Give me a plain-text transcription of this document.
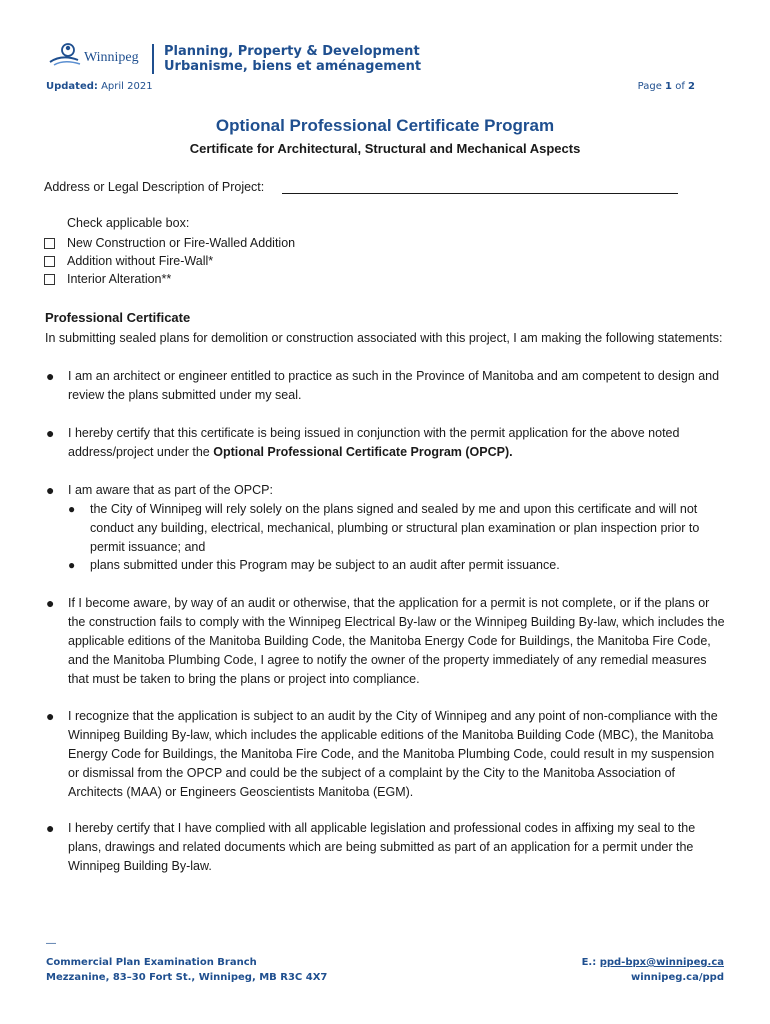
Winnipeg Planning, Property & Development
Urbanisme, biens et aménagement
Updated: April 2021	Page 1 of 2
Optional Professional Certificate Program
Certificate for Architectural, Structural and Mechanical Aspects
Address or Legal Description of Project:
Check applicable box:
New Construction or Fire-Walled Addition
Addition without Fire-Wall*
Interior Alteration**
Professional Certificate
In submitting sealed plans for demolition or construction associated with this project, I am making the following statements:
● I am an architect or engineer entitled to practice as such in the Province of Manitoba and am competent to design and review the plans submitted under my seal.
● I hereby certify that this certificate is being issued in conjunction with the permit application for the above noted address/project under the Optional Professional Certificate Program (OPCP).
● I am aware that as part of the OPCP:
● the City of Winnipeg will rely solely on the plans signed and sealed by me and upon this certificate and will not conduct any building, electrical, mechanical, plumbing or structural plan examination or plan inspection prior to permit issuance; and
● plans submitted under this Program may be subject to an audit after permit issuance.
● If I become aware, by way of an audit or otherwise, that the application for a permit is not complete, or if the plans or the construction fails to comply with the Winnipeg Electrical By-law or the Winnipeg Building By-law, which includes the applicable editions of the Manitoba Building Code, the Manitoba Energy Code for Buildings, the Manitoba Fire Code, and the Manitoba Plumbing Code, I agree to notify the owner of the property immediately of any remedial measures that must be taken to bring the plans or project into compliance.
● I recognize that the application is subject to an audit by the City of Winnipeg and any point of non-compliance with the Winnipeg Building By-law, which includes the applicable editions of the Manitoba Building Code (MBC), the Manitoba Energy Code for Buildings, the Manitoba Fire Code, and the Manitoba Plumbing Code, could result in my suspension or dismissal from the OPCP and could be the subject of a complaint by the City to the Manitoba Association of Architects (MAA) or Engineers Geoscientists Manitoba (EGM).
● I hereby certify that I have complied with all applicable legislation and professional codes in affixing my seal to the plans, drawings and related documents which are being submitted as part of an application for a permit under the Winnipeg Building By-law.
—
Commercial Plan Examination Branch
Mezzanine, 83–30 Fort St., Winnipeg, MB R3C 4X7
E.: ppd-bpx@winnipeg.ca
winnipeg.ca/ppd
